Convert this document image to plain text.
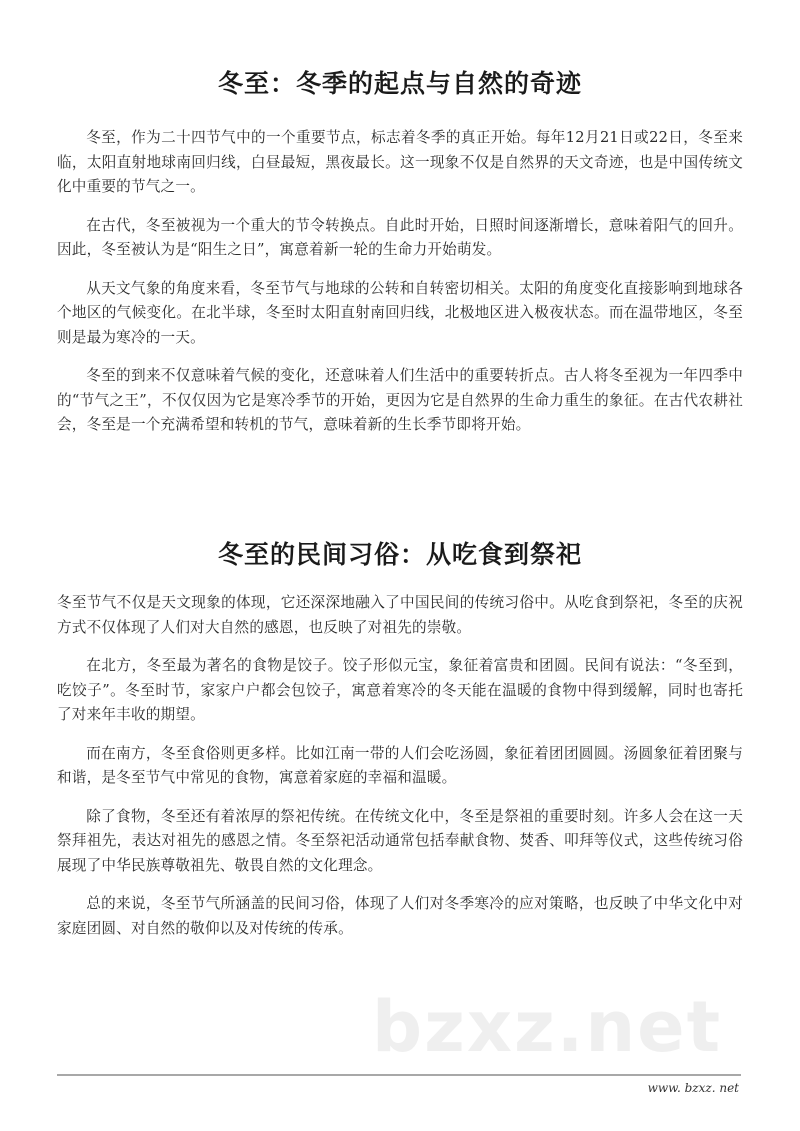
冬至：冬季的起点与自然的奇迹

冬至，作为二十四节气中的一个重要节点，标志着冬季的真正开始。每年12月21日或22日，冬至来临，太阳直射地球南回归线，白昼最短，黑夜最长。这一现象不仅是自然界的天文奇迹，也是中国传统文化中重要的节气之一。

在古代，冬至被视为一个重大的节令转换点。自此时开始，日照时间逐渐增长，意味着阳气的回升。因此，冬至被认为是“阳生之日”，寓意着新一轮的生命力开始萌发。

从天文气象的角度来看，冬至节气与地球的公转和自转密切相关。太阳的角度变化直接影响到地球各个地区的气候变化。在北半球，冬至时太阳直射南回归线，北极地区进入极夜状态。而在温带地区，冬至则是最为寒冷的一天。

冬至的到来不仅意味着气候的变化，还意味着人们生活中的重要转折点。古人将冬至视为一年四季中的“节气之王”，不仅仅因为它是寒冷季节的开始，更因为它是自然界的生命力重生的象征。在古代农耕社会，冬至是一个充满希望和转机的节气，意味着新的生长季节即将开始。

冬至的民间习俗：从吃食到祭祀

冬至节气不仅是天文现象的体现，它还深深地融入了中国民间的传统习俗中。从吃食到祭祀，冬至的庆祝方式不仅体现了人们对大自然的感恩，也反映了对祖先的崇敬。

在北方，冬至最为著名的食物是饺子。饺子形似元宝，象征着富贵和团圆。民间有说法：“冬至到，吃饺子”。冬至时节，家家户户都会包饺子，寓意着寒冷的冬天能在温暖的食物中得到缓解，同时也寄托了对来年丰收的期望。

而在南方，冬至食俗则更多样。比如江南一带的人们会吃汤圆，象征着团团圆圆。汤圆象征着团聚与和谐，是冬至节气中常见的食物，寓意着家庭的幸福和温暖。

除了食物，冬至还有着浓厚的祭祀传统。在传统文化中，冬至是祭祖的重要时刻。许多人会在这一天祭拜祖先，表达对祖先的感恩之情。冬至祭祀活动通常包括奉献食物、焚香、叩拜等仪式，这些传统习俗展现了中华民族尊敬祖先、敬畏自然的文化理念。

总的来说，冬至节气所涵盖的民间习俗，体现了人们对冬季寒冷的应对策略，也反映了中华文化中对家庭团圆、对自然的敬仰以及对传统的传承。

bzxz.net
www. bzxz. net
